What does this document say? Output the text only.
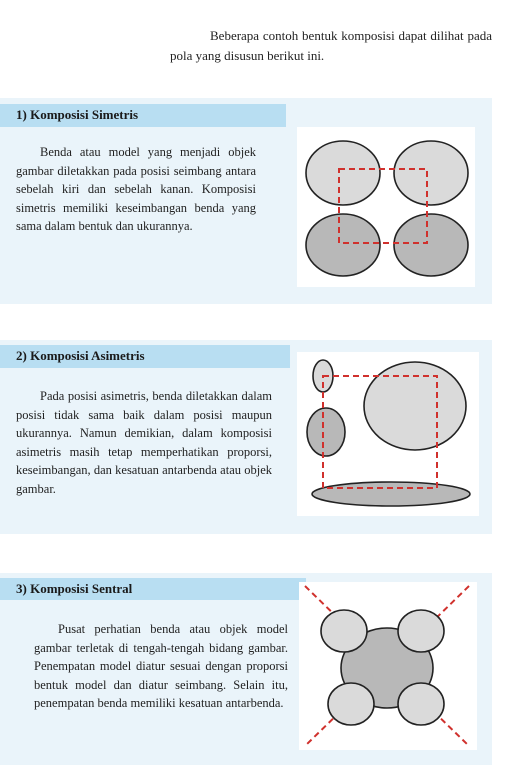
Beberapa contoh bentuk komposisi dapat dilihat pada pola yang disusun berikut ini.

1) Komposisi Simetris

Benda atau model yang menjadi objek gambar diletakkan pada posisi seimbang antara sebelah kiri dan sebelah kanan. Komposisi simetris memiliki keseimbangan benda yang sama dalam bentuk dan ukurannya.

2) Komposisi Asimetris

Pada posisi asimetris, benda diletakkan dalam posisi tidak sama baik dalam posisi maupun ukurannya. Namun demikian, dalam komposisi asimetris masih tetap memperhatikan proporsi, keseimbangan, dan kesatuan antarbenda atau objek gambar.

3) Komposisi Sentral

Pusat perhatian benda atau objek model gambar terletak di tengah-tengah bidang gambar. Penempatan model diatur sesuai dengan proporsi bentuk model dan diatur seimbang. Selain itu, penempatan benda memiliki kesatuan antarbenda.
